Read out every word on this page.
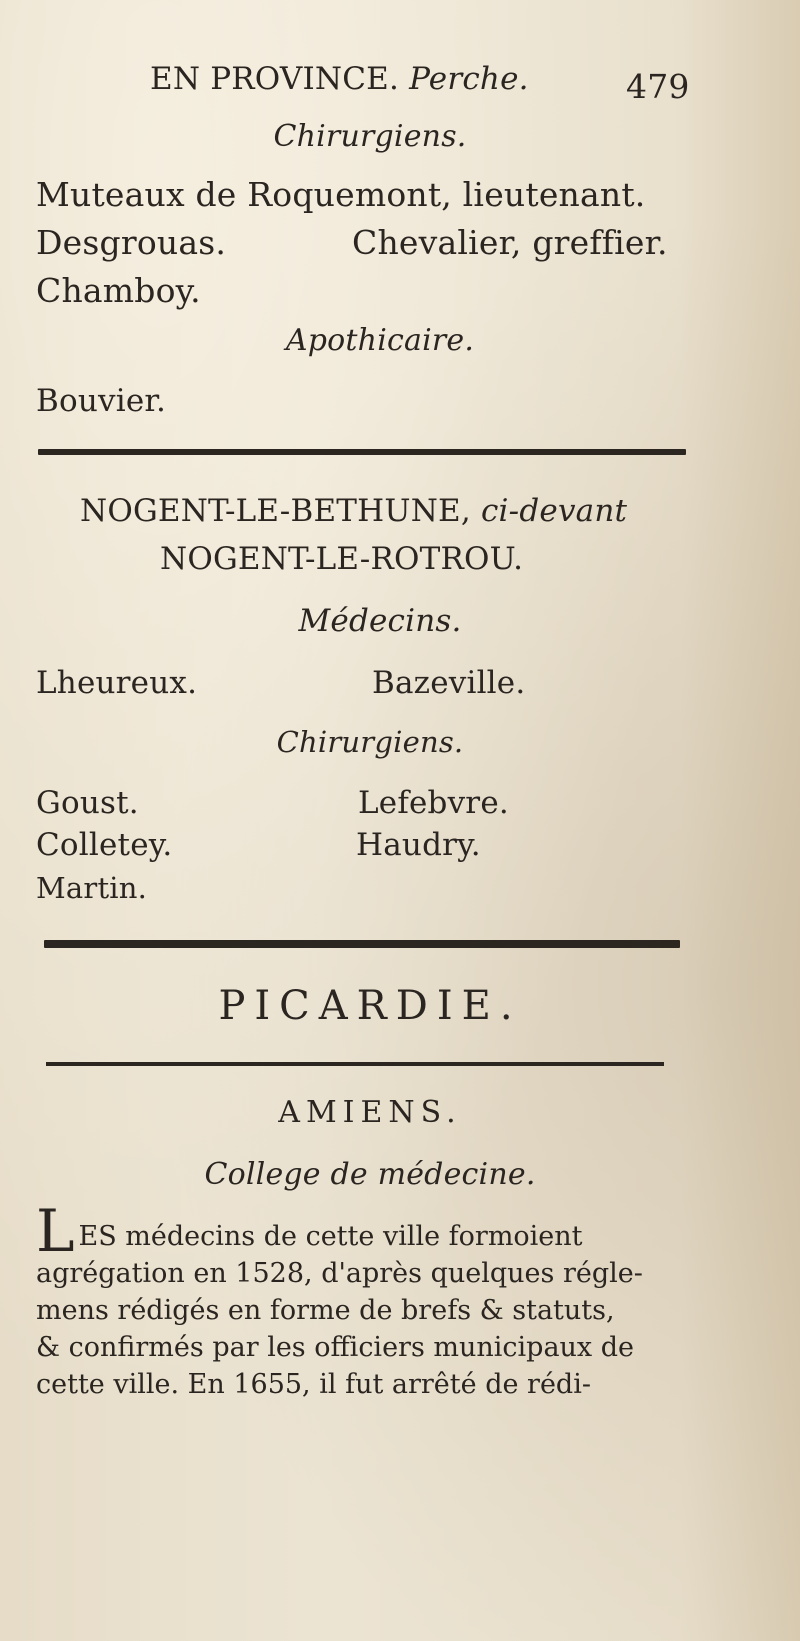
EN PROVINCE. Perche.	479
Chirurgiens.
Muteaux de Roquemont, lieutenant.
Desgrouas.	Chevalier, greffier.
Chamboy.
Apothicaire.
Bouvier.
NOGENT-LE-BETHUNE, ci-devant
NOGENT-LE-ROTROU.
Médecins.
Lheureux.	Bazeville.
Chirurgiens.
Goust.	Lefebvre.
Colletey.	Haudry.
Martin.
PICARDIE.
AMIENS.
College de médecine.
LES médecins de cette ville formoient
agrégation en 1528, d'après quelques régle-
mens rédigés en forme de brefs & statuts,
& confirmés par les officiers municipaux de
cette ville. En 1655, il fut arrêté de rédi-
